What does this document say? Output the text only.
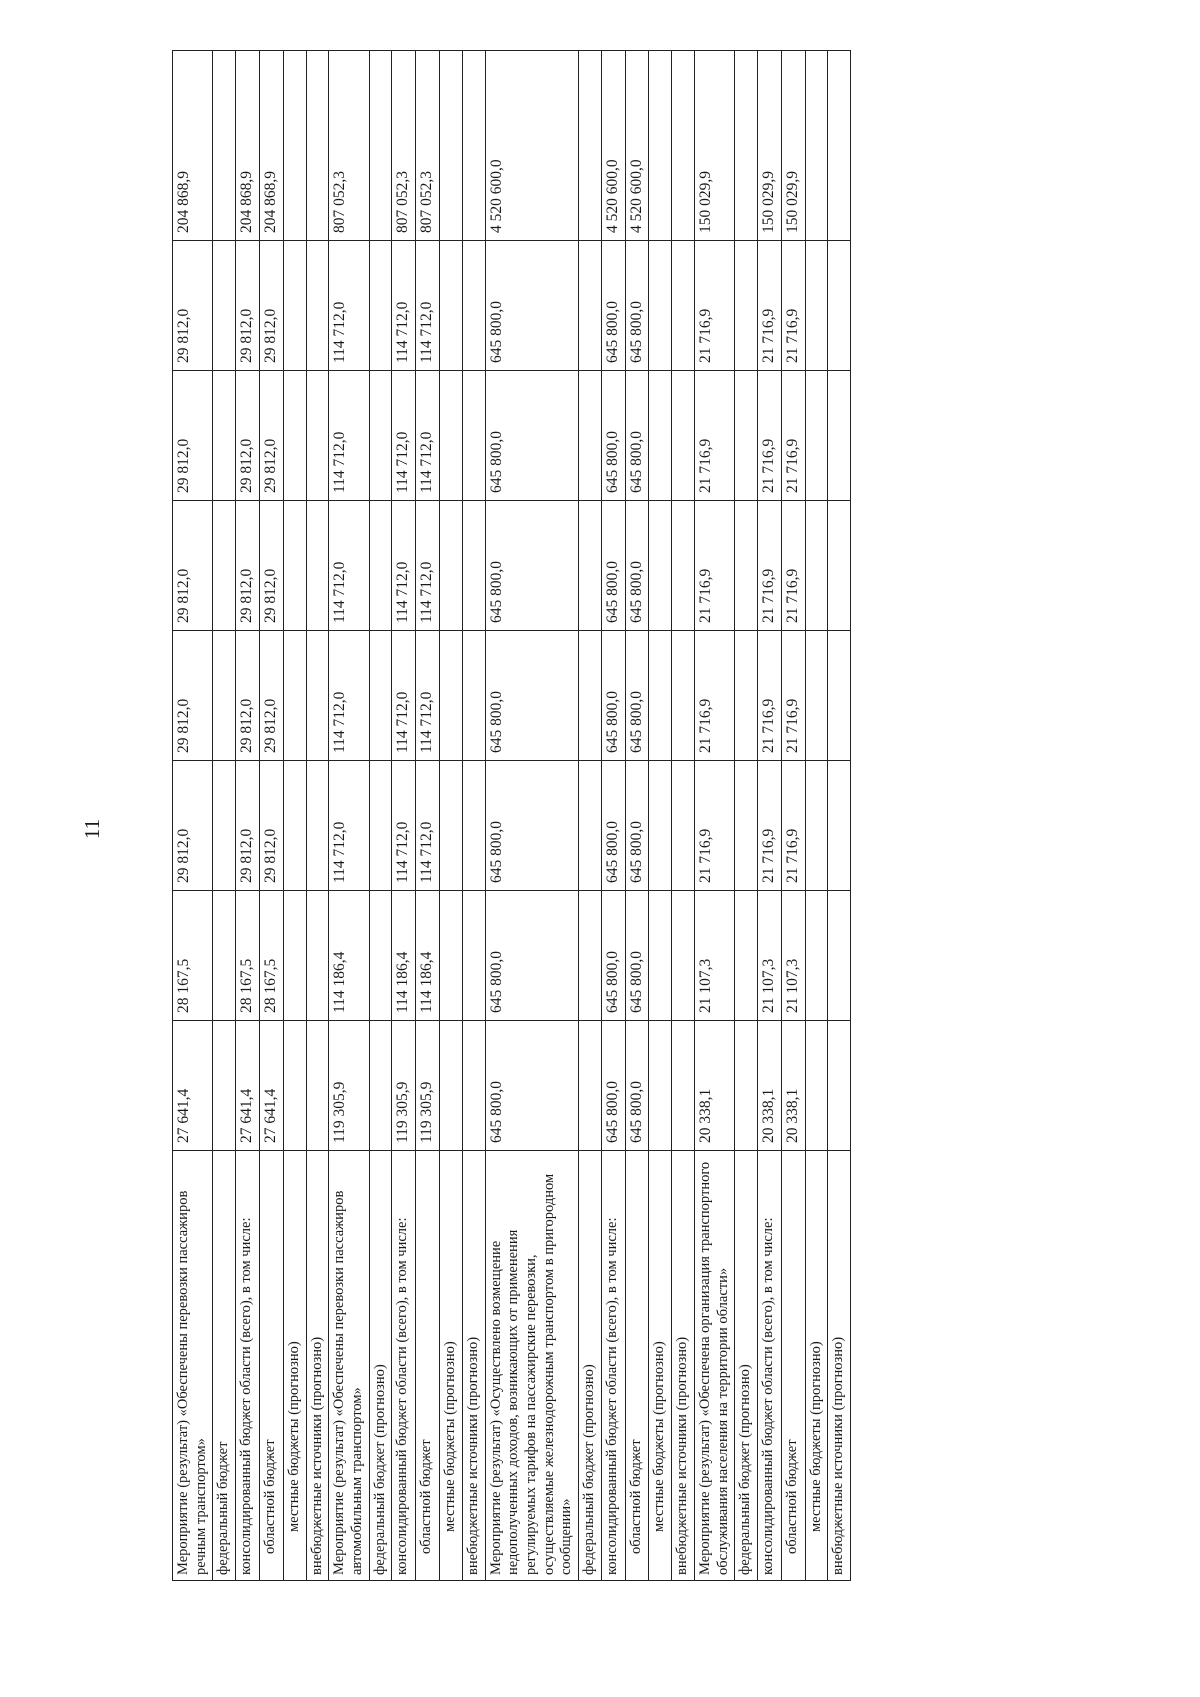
11
Мероприятие (результат) «Обеспечены перевозки пассажиров речным транспортом»	27 641,4	28 167,5	29 812,0	29 812,0	29 812,0	29 812,0	29 812,0	204 868,9
федеральный бюджет								
консолидированный бюджет области (всего), в том числе:	27 641,4	28 167,5	29 812,0	29 812,0	29 812,0	29 812,0	29 812,0	204 868,9
областной бюджет	27 641,4	28 167,5	29 812,0	29 812,0	29 812,0	29 812,0	29 812,0	204 868,9
местные бюджеты (прогнозно)								
внебюджетные источники (прогнозно)								
Мероприятие (результат) «Обеспечены перевозки пассажиров автомобильным транспортом»	119 305,9	114 186,4	114 712,0	114 712,0	114 712,0	114 712,0	114 712,0	807 052,3
федеральный бюджет (прогнозно)								
консолидированный бюджет области (всего), в том числе:	119 305,9	114 186,4	114 712,0	114 712,0	114 712,0	114 712,0	114 712,0	807 052,3
областной бюджет	119 305,9	114 186,4	114 712,0	114 712,0	114 712,0	114 712,0	114 712,0	807 052,3
местные бюджеты (прогнозно)								
внебюджетные источники (прогнозно)								
Мероприятие (результат) «Осуществлено возмещение недополученных доходов, возникающих от применения регулируемых тарифов на пассажирские перевозки, осуществляемые железнодорожным транспортом в пригородном сообщении»	645 800,0	645 800,0	645 800,0	645 800,0	645 800,0	645 800,0	645 800,0	4 520 600,0
федеральный бюджет (прогнозно)								
консолидированный бюджет области (всего), в том числе:	645 800,0	645 800,0	645 800,0	645 800,0	645 800,0	645 800,0	645 800,0	4 520 600,0
областной бюджет	645 800,0	645 800,0	645 800,0	645 800,0	645 800,0	645 800,0	645 800,0	4 520 600,0
местные бюджеты (прогнозно)								
внебюджетные источники (прогнозно)								
Мероприятие (результат) «Обеспечена организация транспортного обслуживания населения на территории области»	20 338,1	21 107,3	21 716,9	21 716,9	21 716,9	21 716,9	21 716,9	150 029,9
федеральный бюджет (прогнозно)								
консолидированный бюджет области (всего), в том числе:	20 338,1	21 107,3	21 716,9	21 716,9	21 716,9	21 716,9	21 716,9	150 029,9
областной бюджет	20 338,1	21 107,3	21 716,9	21 716,9	21 716,9	21 716,9	21 716,9	150 029,9
местные бюджеты (прогнозно)								
внебюджетные источники (прогнозно)								
